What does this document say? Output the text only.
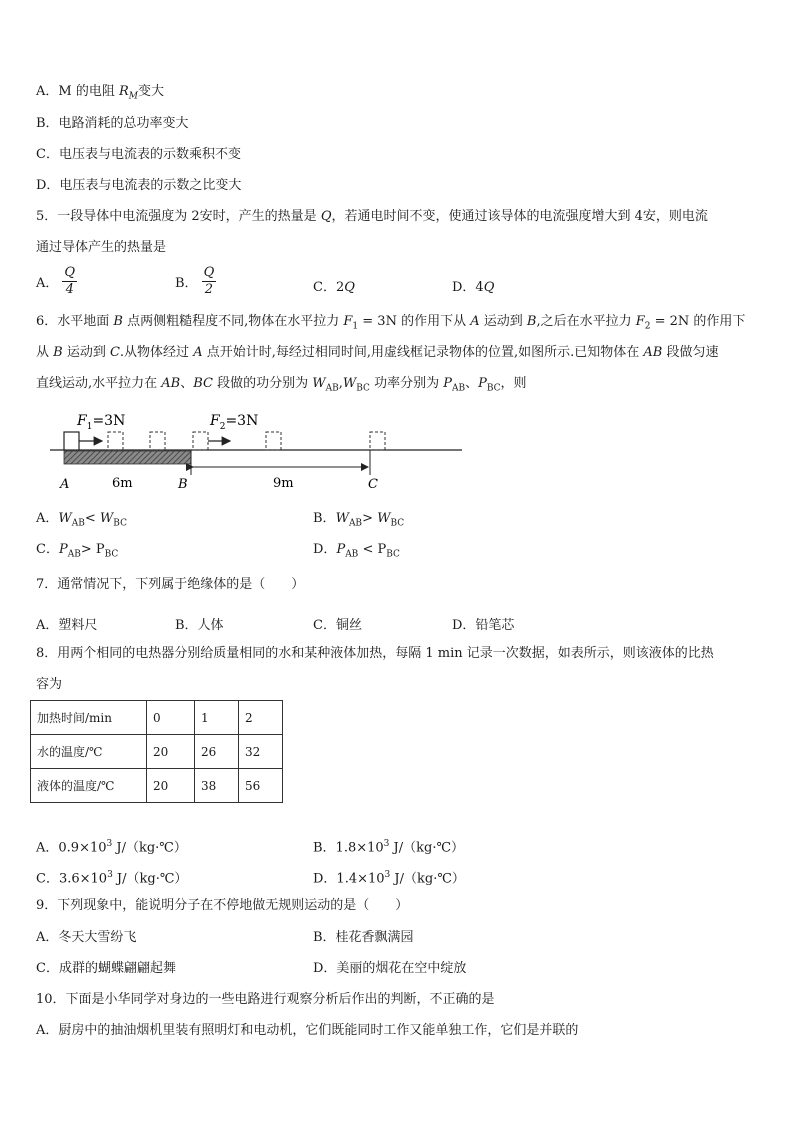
A．M 的电阻 $R_M$变大
B．电路消耗的总功率变大
C．电压表与电流表的示数乘积不变
D．电压表与电流表的示数之比变大
5．一段导体中电流强度为 2安时，产生的热量是 Q，若通电时间不变，使通过该导体的电流强度增大到 4安，则电流
通过导体产生的热量是
A． $\frac{Q}{4}$	B． $\frac{Q}{2}$	C．2Q	D．4Q
6．水平地面 B 点两侧粗糙程度不同,物体在水平拉力 $F_1 = 3N$ 的作用下从 A 运动到 B,之后在水平拉力 $F_2 = 2N$ 的作用下
从 B 运动到 C.从物体经过 A 点开始计时,每经过相同时间,用虚线框记录物体的位置,如图所示.已知物体在 AB 段做匀速
直线运动,水平拉力在 AB、BC 段做的功分别为 $W_{AB},W_{BC}$ 功率分别为 $P_{AB}$、$P_{BC}$，则
$F_1=3N$	$F_2=3N$
6m	9m
A	B	C
A．$W_{AB}< W_{BC}$	B．$W_{AB}> W_{BC}$
C．$P_{AB}> P_{BC}$	D．$P_{AB} < P_{BC}$
7．通常情况下，下列属于绝缘体的是（　　）
A．塑料尺	B．人体	C．铜丝	D．铅笔芯
8．用两个相同的电热器分别给质量相同的水和某种液体加热，每隔 1 min 记录一次数据，如表所示，则该液体的比热
容为
加热时间/min	0	1	2
水的温度/℃	20	26	32
液体的温度/℃	20	38	56
A．$0.9\times 10^3$ J/（kg·℃）	B．$1.8\times 10^3$ J/（kg·℃）
C．$3.6\times 10^3$ J/（kg·℃）	D．$1.4\times 10^3$ J/（kg·℃）
9．下列现象中，能说明分子在不停地做无规则运动的是（　　）
A．冬天大雪纷飞	B．桂花香飘满园
C．成群的蝴蝶翩翩起舞	D．美丽的烟花在空中绽放
10．下面是小华同学对身边的一些电路进行观察分析后作出的判断，不正确的是
A．厨房中的抽油烟机里装有照明灯和电动机，它们既能同时工作又能单独工作，它们是并联的
